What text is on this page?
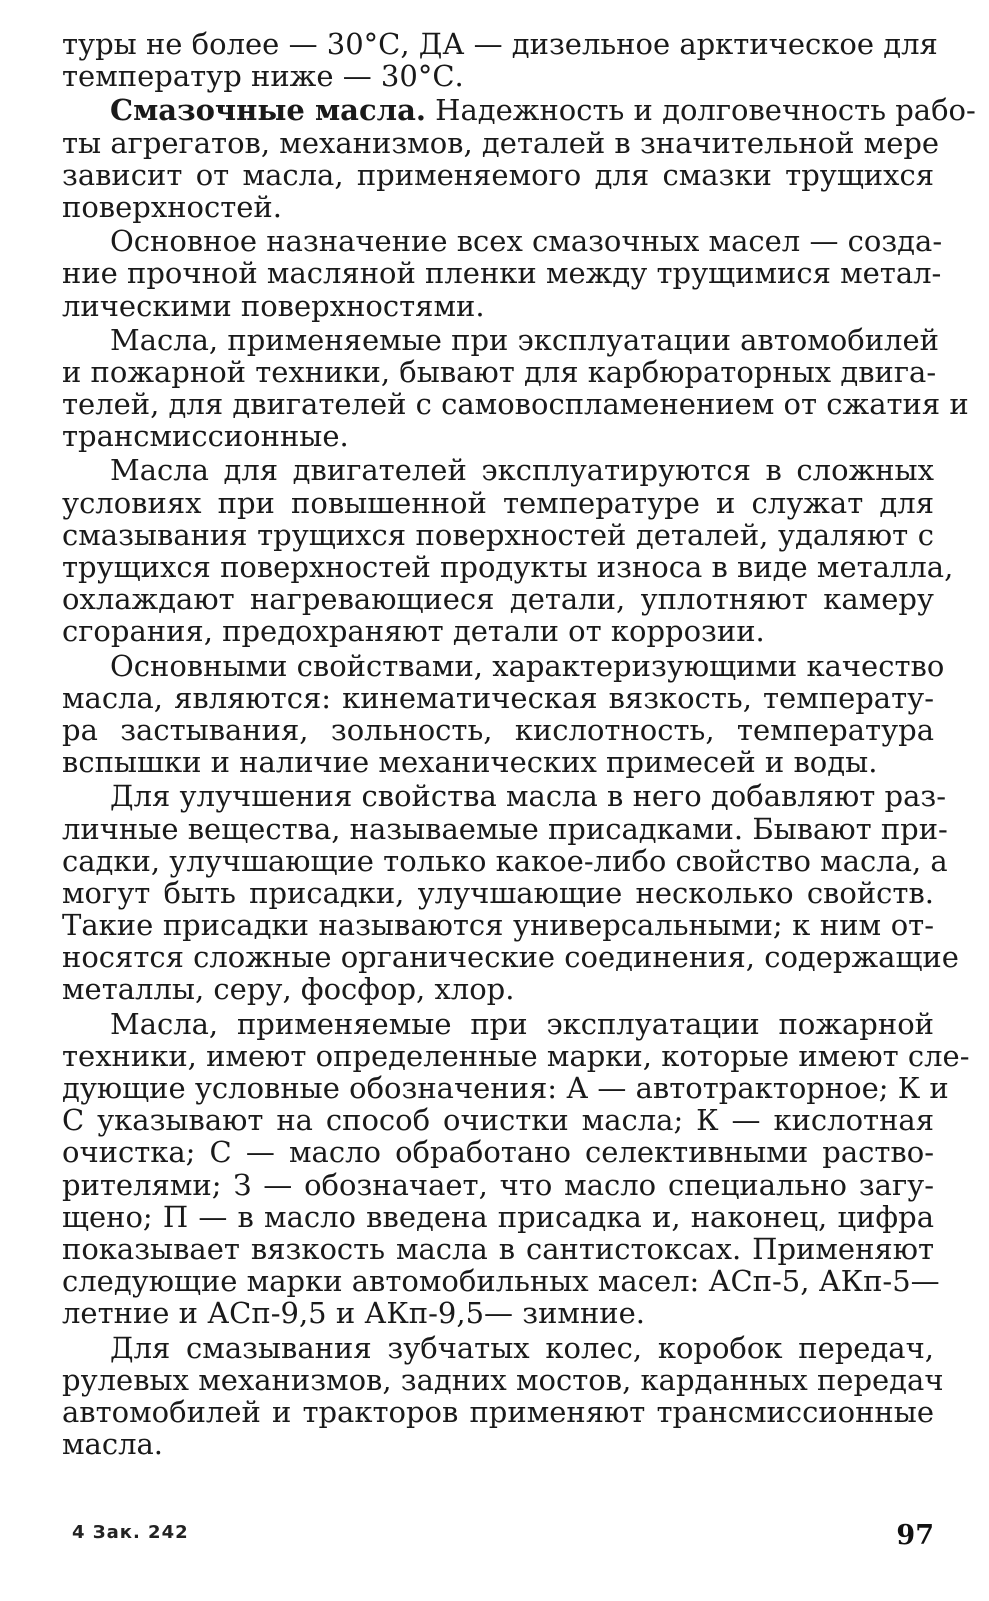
туры не более — 30°С, ДА — дизельное арктическое для
температур ниже — 30°С.
Смазочные масла. Надежность и долговечность рабо-
ты агрегатов, механизмов, деталей в значительной мере
зависит от масла, применяемого для смазки трущихся
поверхностей.
Основное назначение всех смазочных масел — созда-
ние прочной масляной пленки между трущимися метал-
лическими поверхностями.
Масла, применяемые при эксплуатации автомобилей
и пожарной техники, бывают для карбюраторных двига-
телей, для двигателей с самовоспламенением от сжатия и
трансмиссионные.
Масла для двигателей эксплуатируются в сложных
условиях при повышенной температуре и служат для
смазывания трущихся поверхностей деталей, удаляют с
трущихся поверхностей продукты износа в виде металла,
охлаждают нагревающиеся детали, уплотняют камеру
сгорания, предохраняют детали от коррозии.
Основными свойствами, характеризующими качество
масла, являются: кинематическая вязкость, температу-
ра застывания, зольность, кислотность, температура
вспышки и наличие механических примесей и воды.
Для улучшения свойства масла в него добавляют раз-
личные вещества, называемые присадками. Бывают при-
садки, улучшающие только какое-либо свойство масла, а
могут быть присадки, улучшающие несколько свойств.
Такие присадки называются универсальными; к ним от-
носятся сложные органические соединения, содержащие
металлы, серу, фосфор, хлор.
Масла, применяемые при эксплуатации пожарной
техники, имеют определенные марки, которые имеют сле-
дующие условные обозначения: А — автотракторное; К и
С указывают на способ очистки масла; К — кислотная
очистка; С — масло обработано селективными раство-
рителями; З — обозначает, что масло специально загу-
щено; П — в масло введена присадка и, наконец, цифра
показывает вязкость масла в сантистоксах. Применяют
следующие марки автомобильных масел: АСп-5, АКп-5—
летние и АСп-9,5 и АКп-9,5— зимние.
Для смазывания зубчатых колес, коробок передач,
рулевых механизмов, задних мостов, карданных передач
автомобилей и тракторов применяют трансмиссионные
масла.
4 Зак. 242	97
